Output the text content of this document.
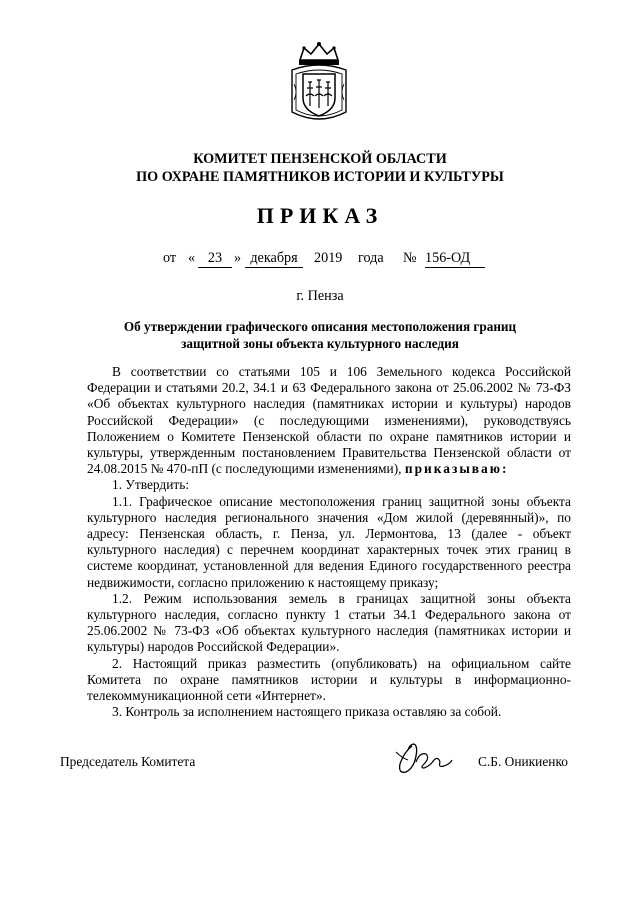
КОМИТЕТ ПЕНЗЕНСКОЙ ОБЛАСТИ
ПО ОХРАНЕ ПАМЯТНИКОВ ИСТОРИИ И КУЛЬТУРЫ
ПРИКАЗ
от « 23 » декабря	2019 года № 156-ОД
г. Пенза
Об утверждении графического описания местоположения границ
защитной зоны объекта культурного наследия

В соответствии со статьями 105 и 106 Земельного кодекса Российской Федерации и статьями 20.2, 34.1 и 63 Федерального закона от 25.06.2002 № 73-ФЗ «Об объектах культурного наследия (памятниках истории и культуры) народов Российской Федерации» (с последующими изменениями), руководствуясь Положением о Комитете Пензенской области по охране памятников истории и культуры, утвержденным постановлением Правительства Пензенской области от 24.08.2015 № 470-пП (с последующими изменениями), приказываю:

1. Утвердить:

1.1. Графическое описание местоположения границ защитной зоны объекта культурного наследия регионального значения «Дом жилой (деревянный)», по адресу: Пензенская область, г. Пенза, ул. Лермонтова, 13 (далее - объект культурного наследия) с перечнем координат характерных точек этих границ в системе координат, установленной для ведения Единого государственного реестра недвижимости, согласно приложению к настоящему приказу;

1.2. Режим использования земель в границах защитной зоны объекта культурного наследия, согласно пункту 1 статьи 34.1 Федерального закона от 25.06.2002 № 73-ФЗ «Об объектах культурного наследия (памятниках истории и культуры) народов Российской Федерации».

2. Настоящий приказ разместить (опубликовать) на официальном сайте Комитета по охране памятников истории и культуры в информационно-телекоммуникационной сети «Интернет».

3. Контроль за исполнением настоящего приказа оставляю за собой.

Председатель Комитета	С.Б. Оникиенко
